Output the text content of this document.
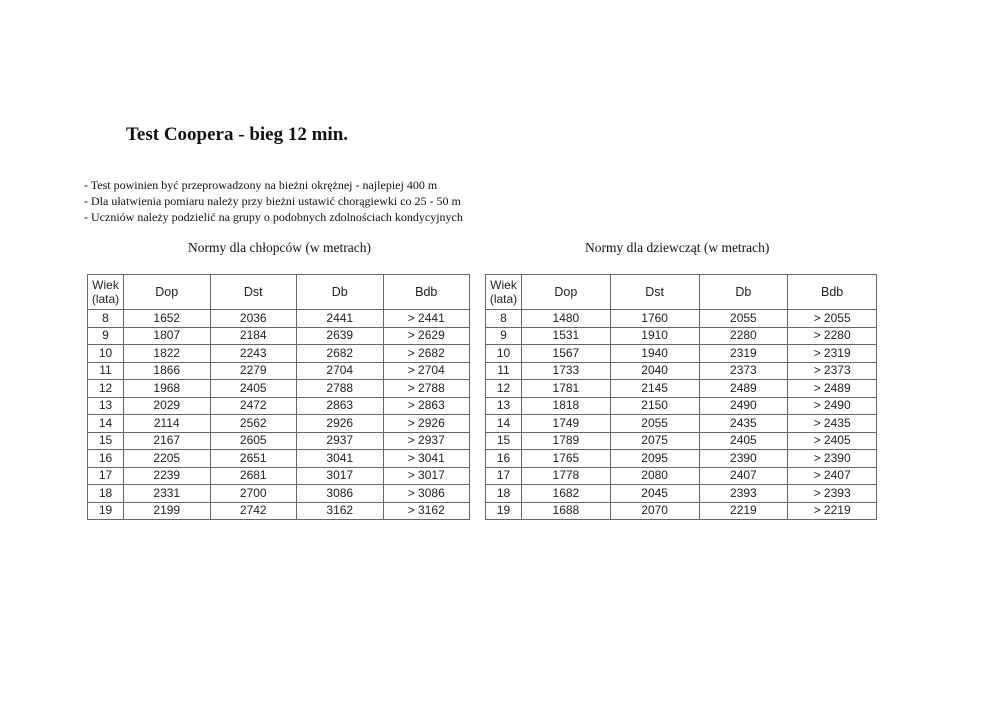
Test Coopera - bieg 12 min.
- Test powinien być przeprowadzony na bieżni okrężnej - najlepiej 400 m
- Dla ułatwienia pomiaru należy przy bieżni ustawić chorągiewki co 25 - 50 m
- Uczniów należy podzielić na grupy o podobnych zdolnościach kondycyjnych
Normy dla chłopców (w metrach)	Normy dla dziewcząt (w metrach)
Wiek
(lata)	Dop	Dst	Db	Bdb
8	1652	2036	2441	> 2441
9	1807	2184	2639	> 2629
10	1822	2243	2682	> 2682
11	1866	2279	2704	> 2704
12	1968	2405	2788	> 2788
13	2029	2472	2863	> 2863
14	2114	2562	2926	> 2926
15	2167	2605	2937	> 2937
16	2205	2651	3041	> 3041
17	2239	2681	3017	> 3017
18	2331	2700	3086	> 3086
19	2199	2742	3162	> 3162
Wiek
(lata)	Dop	Dst	Db	Bdb
8	1480	1760	2055	> 2055
9	1531	1910	2280	> 2280
10	1567	1940	2319	> 2319
11	1733	2040	2373	> 2373
12	1781	2145	2489	> 2489
13	1818	2150	2490	> 2490
14	1749	2055	2435	> 2435
15	1789	2075	2405	> 2405
16	1765	2095	2390	> 2390
17	1778	2080	2407	> 2407
18	1682	2045	2393	> 2393
19	1688	2070	2219	> 2219
